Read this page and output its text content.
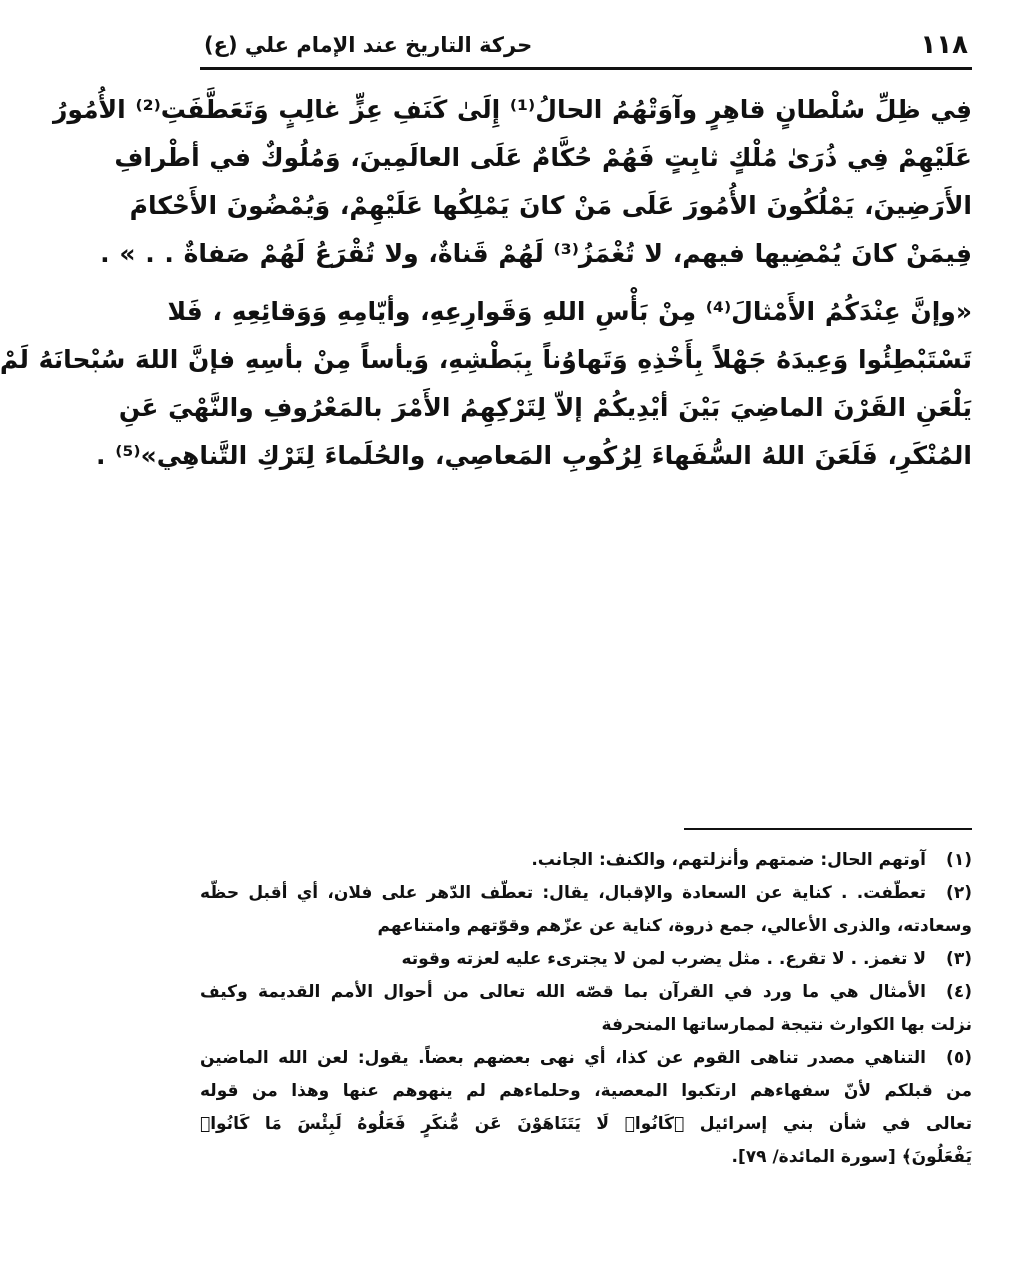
١١٨
حركة التاريخ عند الإمام علي (ع)

فِي ظِلِّ سُلْطانٍ قاهِرٍ وآوَتْهُمُ الحالُ⁽¹⁾ إِلَىٰ كَنَفِ عِزٍّ غالِبٍ وَتَعَطَّفَتِ⁽²⁾ الأُمُورُ
عَلَيْهِمْ فِي ذُرَىٰ مُلْكٍ ثابِتٍ فَهُمْ حُكَّامٌ عَلَى العالَمِينَ، وَمُلُوكٌ في أطْرافِ
الأَرَضِينَ، يَمْلُكُونَ الأُمُورَ عَلَى مَنْ كانَ يَمْلِكُها عَلَيْهِمْ، وَيُمْضُونَ الأَحْكامَ
فِيمَنْ كانَ يُمْضِيها فيهم، لا تُغْمَزُ⁽³⁾ لَهُمْ قَناةٌ، ولا تُقْرَعُ لَهُمْ صَفاةٌ . . » .

«وإنَّ عِنْدَكُمُ الأَمْثالَ⁽⁴⁾ مِنْ بَأْسِ اللهِ وَقَوارِعِهِ، وأيّامِهِ وَوَقائِعِهِ ، فَلا
تَسْتَبْطِئُوا وَعِيدَهُ جَهْلاً بِأَخْذِهِ وَتَهاوُناً بِبَطْشِهِ، وَيأساً مِنْ بأسِهِ فإنَّ اللهَ سُبْحانَهُ لَمْ
يَلْعَنِ القَرْنَ الماضِيَ بَيْنَ أيْدِيكُمْ إلاّ لِتَرْكِهِمُ الأَمْرَ بالمَعْرُوفِ والنَّهْيَ عَنِ
المُنْكَرِ، فَلَعَنَ اللهُ السُّفَهاءَ لِرُكُوبِ المَعاصِي، والحُلَماءَ لِتَرْكِ التَّناهِي»⁽⁵⁾ .

(١)
آوتهم الحال: ضمتهم وأنزلتهم، والكنف: الجانب.
(٢)
تعطّفت. . كناية عن السعادة والإقبال، يقال: تعطّف الدّهر على فلان، أي أقبل حظّه
وسعادته، والذرى الأعالي، جمع ذروة، كناية عن عزّهم وقوّتهم وامتناعهم
(٣)
لا تغمز. . لا تقرع. . مثل يضرب لمن لا يجترىء عليه لعزته وقوته
(٤)
الأمثال هي ما ورد في القرآن بما قصّه الله تعالى من أحوال الأمم القديمة وكيف
نزلت بها الكوارث نتيجة لممارساتها المنحرفة
(٥)
التناهي مصدر تناهى القوم عن كذا، أي نهى بعضهم بعضاً. يقول: لعن الله الماضين
من قبلكم لأنّ سفهاءهم ارتكبوا المعصية، وحلماءهم لم ينهوهم عنها وهذا من قوله
تعالى في شأن بني إسرائيل ﴿كَانُوا۟ لَا يَتَنَاهَوْنَ عَن مُّنكَرٍ فَعَلُوهُ لَبِئْسَ مَا كَانُوا۟
يَفْعَلُونَ﴾ [سورة المائدة/ ٧٩].
